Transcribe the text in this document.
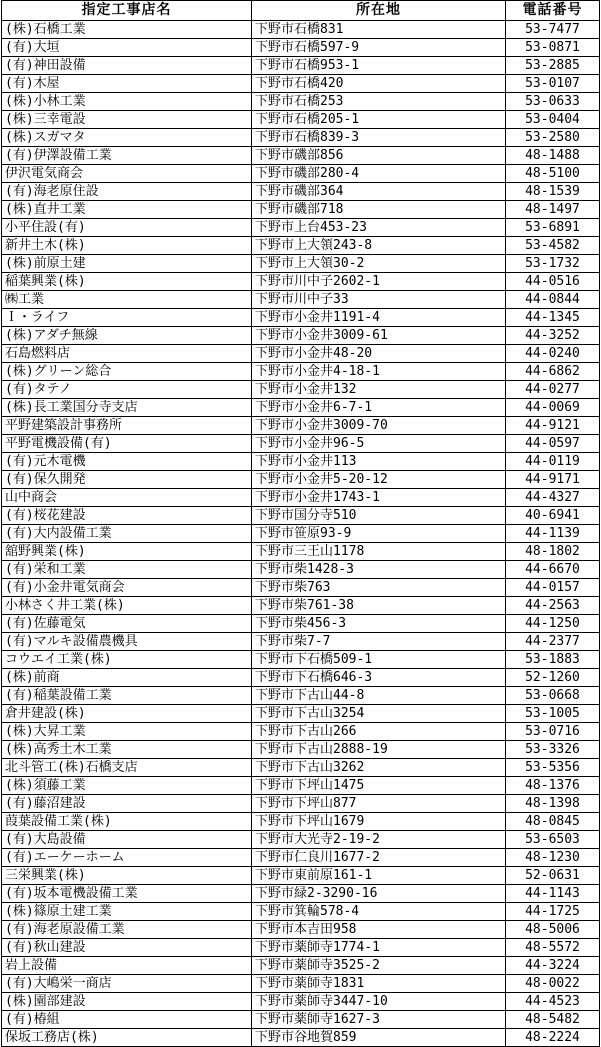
指定工事店名	所在地	電話番号
(株)石橋工業	下野市石橋831	53-7477
(有)大垣	下野市石橋597-9	53-0871
(有)神田設備	下野市石橋953-1	53-2885
(有)木屋	下野市石橋420	53-0107
(株)小林工業	下野市石橋253	53-0633
(株)三幸電設	下野市石橋205-1	53-0404
(株)スガマタ	下野市石橋839-3	53-2580
(有)伊澤設備工業	下野市磯部856	48-1488
伊沢電気商会	下野市磯部280-4	48-5100
(有)海老原住設	下野市磯部364	48-1539
(株)直井工業	下野市磯部718	48-1497
小平住設(有)	下野市上台453-23	53-6891
新井土木(株)	下野市上大領243-8	53-4582
(株)前原土建	下野市上大領30-2	53-1732
稲葉興業(株)	下野市川中子2602-1	44-0516
㈱工業	下野市川中子33	44-0844
Ｉ・ライフ	下野市小金井1191-4	44-1345
(株)アダチ無線	下野市小金井3009-61	44-3252
石島燃料店	下野市小金井48-20	44-0240
(株)グリーン総合	下野市小金井4-18-1	44-6862
(有)タテノ	下野市小金井132	44-0277
(株)長工業国分寺支店	下野市小金井6-7-1	44-0069
平野建築設計事務所	下野市小金井3009-70	44-9121
平野電機設備(有)	下野市小金井96-5	44-0597
(有)元木電機	下野市小金井113	44-0119
(有)保久開発	下野市小金井5-20-12	44-9171
山中商会	下野市小金井1743-1	44-4327
(有)桜花建設	下野市国分寺510	40-6941
(有)大内設備工業	下野市笹原93-9	44-1139
舘野興業(株)	下野市三王山1178	48-1802
(有)栄和工業	下野市柴1428-3	44-6670
(有)小金井電気商会	下野市柴763	44-0157
小林さく井工業(株)	下野市柴761-38	44-2563
(有)佐藤電気	下野市柴456-3	44-1250
(有)マルキ設備農機具	下野市柴7-7	44-2377
コウエイ工業(株)	下野市下石橋509-1	53-1883
(株)前商	下野市下石橋646-3	52-1260
(有)稲葉設備工業	下野市下古山44-8	53-0668
倉井建設(株)	下野市下古山3254	53-1005
(株)大昇工業	下野市下古山266	53-0716
(株)高秀土木工業	下野市下古山2888-19	53-3326
北斗管工(株)石橋支店	下野市下古山3262	53-5356
(株)須藤工業	下野市下坪山1475	48-1376
(有)藤沼建設	下野市下坪山877	48-1398
葭葉設備工業(株)	下野市下坪山1679	48-0845
(有)大島設備	下野市大光寺2-19-2	53-6503
(有)エーケーホーム	下野市仁良川1677-2	48-1230
三栄興業(株)	下野市東前原161-1	52-0631
(有)坂本電機設備工業	下野市緑2-3290-16	44-1143
(株)篠原土建工業	下野市箕輪578-4	44-1725
(有)海老原設備工業	下野市本吉田958	48-5006
(有)秋山建設	下野市薬師寺1774-1	48-5572
岩上設備	下野市薬師寺3525-2	44-3224
(有)大嶋栄一商店	下野市薬師寺1831	48-0022
(株)園部建設	下野市薬師寺3447-10	44-4523
(有)椿組	下野市薬師寺1627-3	48-5482
保坂工務店(株)	下野市谷地賀859	48-2224
